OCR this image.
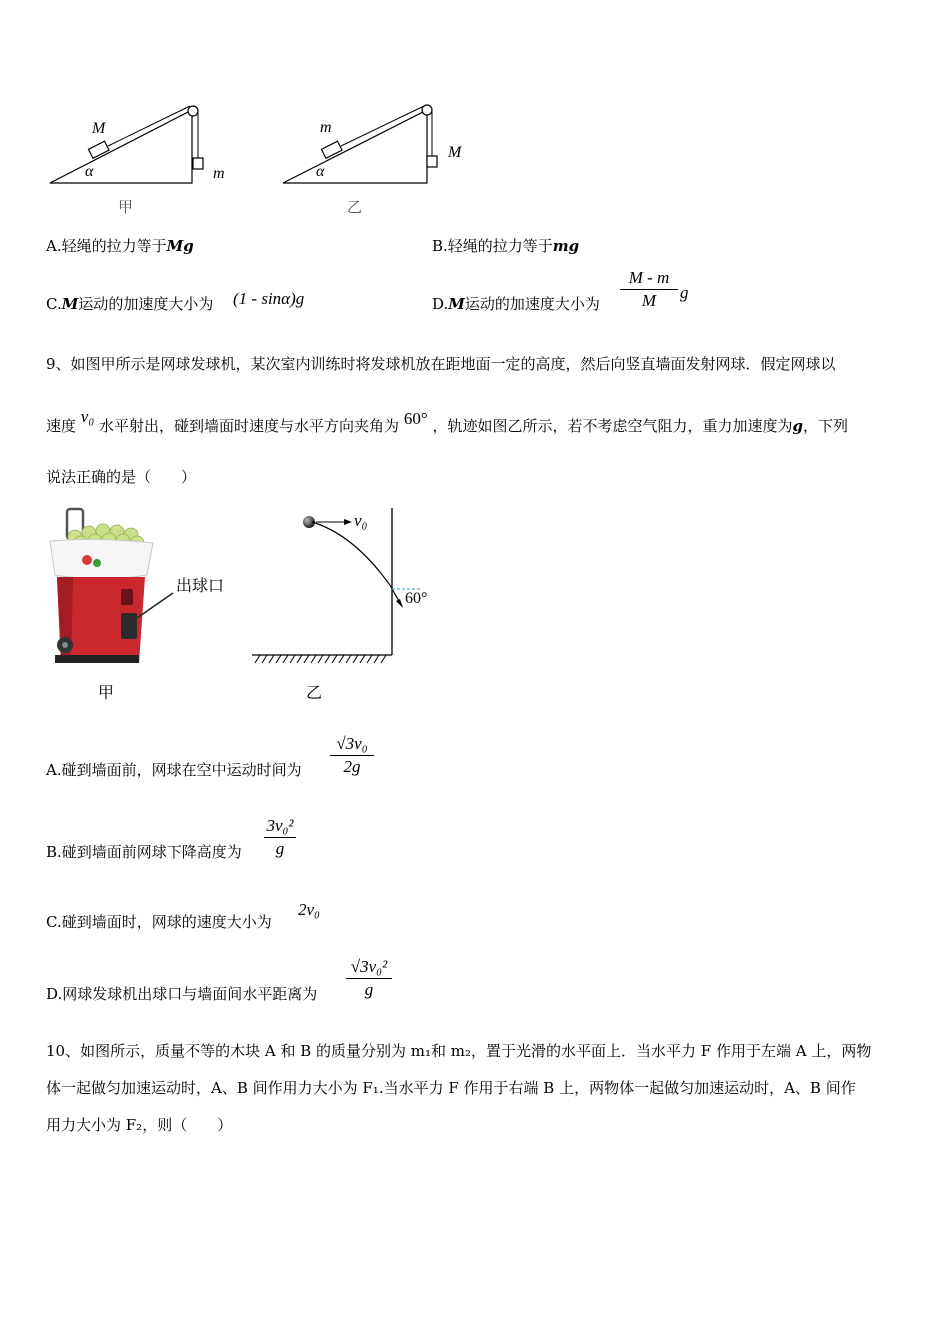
M
α	m
甲
m
α
M
乙
A.轻绳的拉力等于Mg	B.轻绳的拉力等于mg
C.M运动的加速度大小为 (1 - sinα)g	D.M运动的加速度大小为
M - m
M	g
9、如图甲所示是网球发球机，某次室内训练时将发球机放在距地面一定的高度，然后向竖直墙面发射网球．假定网球以
速度 v₀ 水平射出，碰到墙面时速度与水平方向夹角为 60° ，轨迹如图乙所示，若不考虑空气阻力，重力加速度为g，下列
说法正确的是（　　）
出球口
甲
v₀
60°
乙
A.碰到墙面前，网球在空中运动时间为
√3v₀
2g
B.碰到墙面前网球下降高度为
3v₀²
g
C.碰到墙面时，网球的速度大小为
2v₀
D.网球发球机出球口与墙面间水平距离为
√3v₀²
g
10、如图所示，质量不等的木块 A 和 B 的质量分别为 m₁和 m₂，置于光滑的水平面上．当水平力 F 作用于左端 A 上，两物
体一起做匀加速运动时，A、B 间作用力大小为 F₁.当水平力 F 作用于右端 B 上，两物体一起做匀加速运动时，A、B 间作
用力大小为 F₂，则（　　）
